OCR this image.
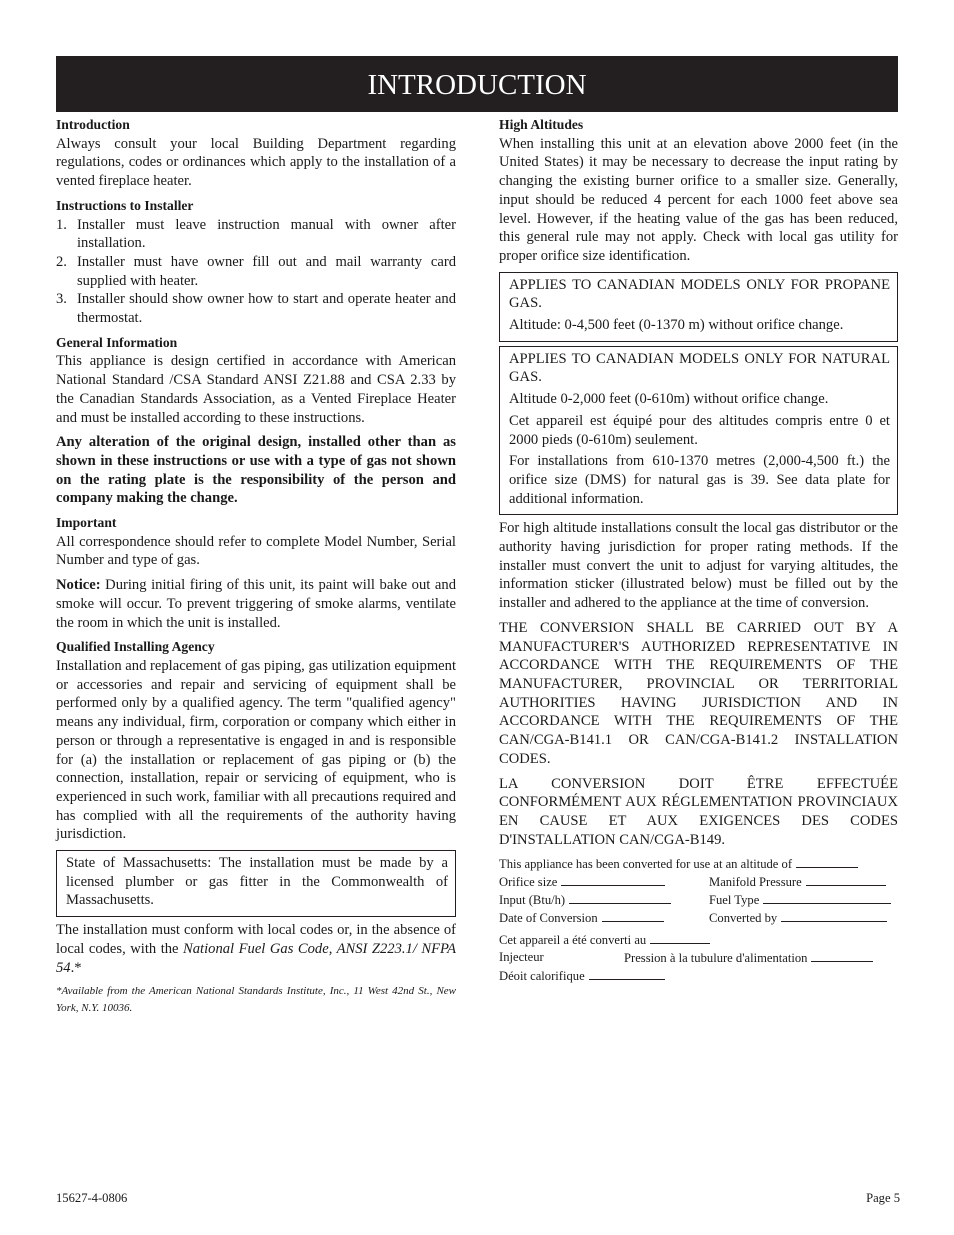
INTRODUCTION

Introduction

Always consult your local Building Department regarding regulations, codes or ordinances which apply to the installation of a vented fireplace heater.

Instructions to Installer

1. Installer must leave instruction manual with owner after installation.
2. Installer must have owner fill out and mail warranty card supplied with heater.
3. Installer should show owner how to start and operate heater and thermostat.

General Information

This appliance is design certified in accordance with American National Standard /CSA Standard ANSI Z21.88 and CSA 2.33 by the Canadian Standards Association, as a Vented Fireplace Heater and must be installed according to these instructions.

Any alteration of the original design, installed other than as shown in these instructions or use with a type of gas not shown on the rating plate is the responsibility of the person and company making the change.

Important

All correspondence should refer to complete Model Number, Serial Number and type of gas.

Notice: During initial firing of this unit, its paint will bake out and smoke will occur. To prevent triggering of smoke alarms, ventilate the room in which the unit is installed.

Qualified Installing Agency

Installation and replacement of gas piping, gas utilization equipment or accessories and repair and servicing of equipment shall be performed only by a qualified agency. The term "qualified agency" means any individual, firm, corporation or company which either in person or through a representative is engaged in and is responsible for (a) the installation or replacement of gas piping or (b) the connection, installation, repair or servicing of equipment, who is experienced in such work, familiar with all precautions required and has complied with all the requirements of the authority having jurisdiction.

State of Massachusetts: The installation must be made by a licensed plumber or gas fitter in the Commonwealth of Massachusetts.

The installation must conform with local codes or, in the absence of local codes, with the National Fuel Gas Code, ANSI Z223.1/ NFPA 54.*

*Available from the American National Standards Institute, Inc., 11 West 42nd St., New York, N.Y. 10036.

High Altitudes

When installing this unit at an elevation above 2000 feet (in the United States) it may be necessary to decrease the input rating by changing the existing burner orifice to a smaller size. Generally, input should be reduced 4 percent for each 1000 feet above sea level. However, if the heating value of the gas has been reduced, this general rule may not apply. Check with local gas utility for proper orifice size identification.

APPLIES TO CANADIAN MODELS ONLY FOR PROPANE GAS.

Altitude: 0-4,500 feet (0-1370 m) without orifice change.

APPLIES TO CANADIAN MODELS ONLY FOR NATURAL GAS.

Altitude 0-2,000 feet (0-610m) without orifice change.

Cet appareil est équipé pour des altitudes compris entre 0 et 2000 pieds (0-610m) seulement.

For installations from 610-1370 metres (2,000-4,500 ft.) the orifice size (DMS) for natural gas is 39. See data plate for additional information.

For high altitude installations consult the local gas distributor or the authority having jurisdiction for proper rating methods. If the installer must convert the unit to adjust for varying altitudes, the information sticker (illustrated below) must be filled out by the installer and adhered to the appliance at the time of conversion.

THE CONVERSION SHALL BE CARRIED OUT BY A MANUFACTURER'S AUTHORIZED REPRESENTATIVE IN ACCORDANCE WITH THE REQUIREMENTS OF THE MANUFACTURER, PROVINCIAL OR TERRITORIAL AUTHORITIES HAVING JURISDICTION AND IN ACCORDANCE WITH THE REQUIREMENTS OF THE CAN/CGA-B141.1 OR CAN/CGA-B141.2 INSTALLATION CODES.

LA CONVERSION DOIT ÊTRE EFFECTUÉE CONFORMÉMENT AUX RÉGLEMENTATION PROVINCIAUX EN CAUSE ET AUX EXIGENCES DES CODES D'INSTALLATION CAN/CGA-B149.

This appliance has been converted for use at an altitude of
Orifice size	Manifold Pressure
Input (Btu/h)	Fuel Type
Date of Conversion	Converted by
Cet appareil a été converti au
Injecteur	Pression à la tubulure d'alimentation
Déoit calorifique
15627-4-0806	Page 5
